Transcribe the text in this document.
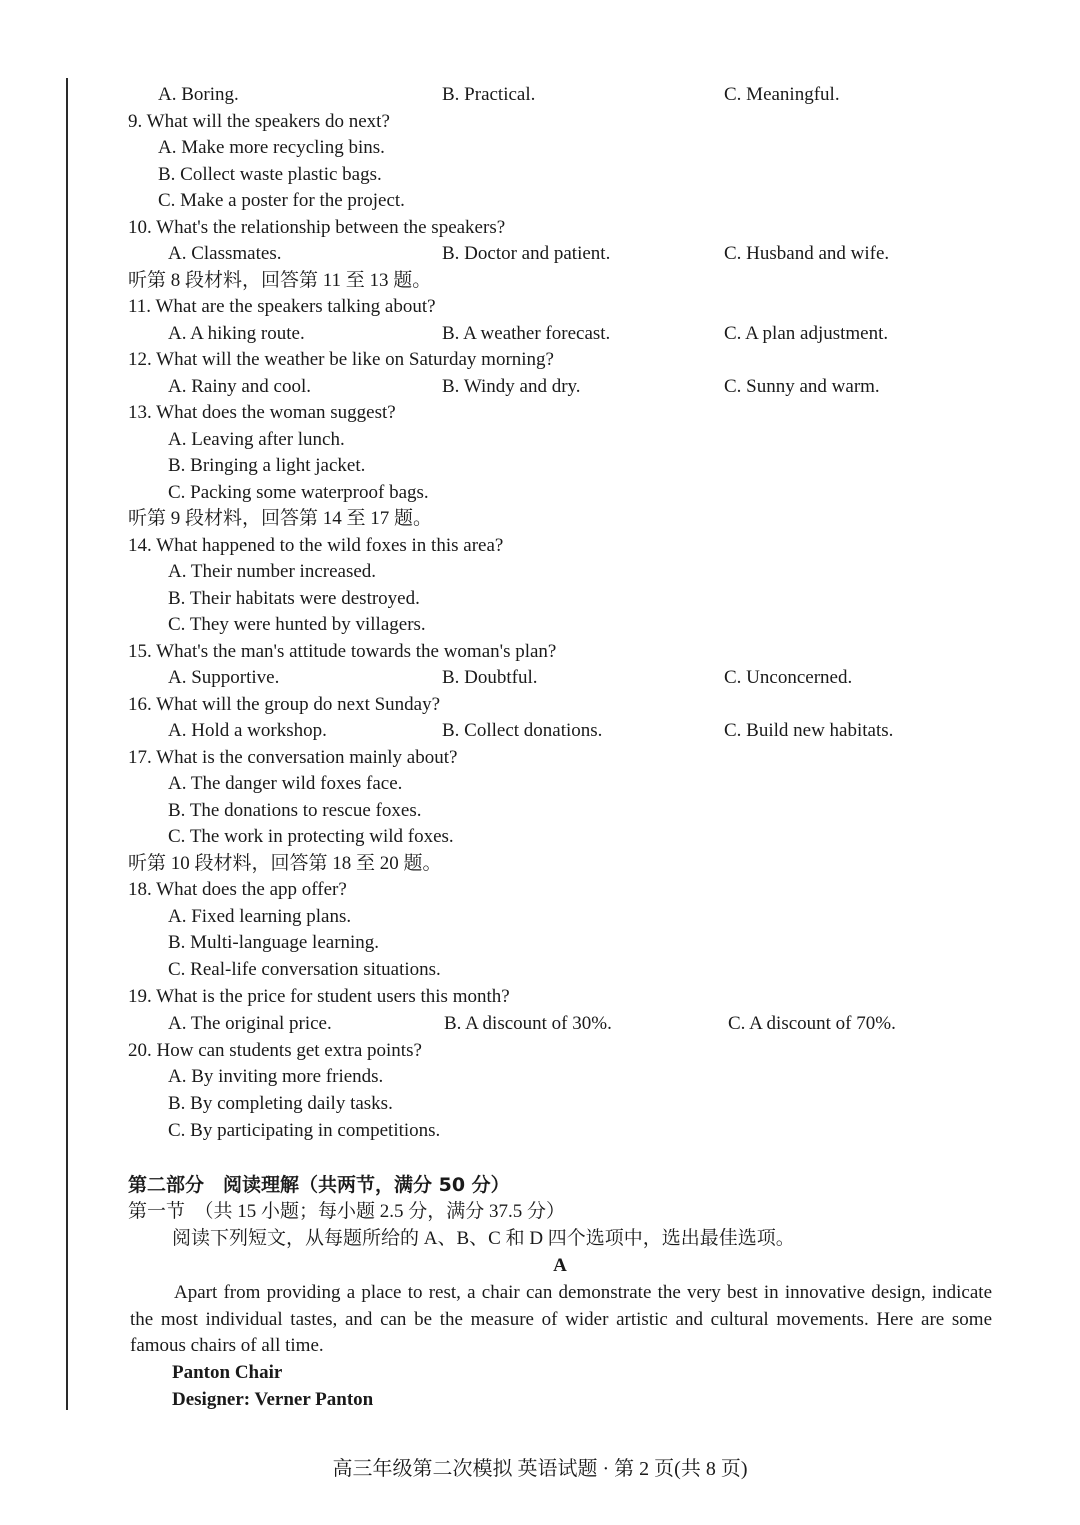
A. Boring.	B. Practical.	C. Meaningful.
9. What will the speakers do next?
A. Make more recycling bins.
B. Collect waste plastic bags.
C. Make a poster for the project.
10. What's the relationship between the speakers?
A. Classmates.	B. Doctor and patient.	C. Husband and wife.
听第 8 段材料，回答第 11 至 13 题。
11. What are the speakers talking about?
A. A hiking route.	B. A weather forecast.	C. A plan adjustment.
12. What will the weather be like on Saturday morning?
A. Rainy and cool.	B. Windy and dry.	C. Sunny and warm.
13. What does the woman suggest?
A. Leaving after lunch.
B. Bringing a light jacket.
C. Packing some waterproof bags.
听第 9 段材料，回答第 14 至 17 题。
14. What happened to the wild foxes in this area?
A. Their number increased.
B. Their habitats were destroyed.
C. They were hunted by villagers.
15. What's the man's attitude towards the woman's plan?
A. Supportive.	B. Doubtful.	C. Unconcerned.
16. What will the group do next Sunday?
A. Hold a workshop.	B. Collect donations.	C. Build new habitats.
17. What is the conversation mainly about?
A. The danger wild foxes face.
B. The donations to rescue foxes.
C. The work in protecting wild foxes.
听第 10 段材料，回答第 18 至 20 题。
18. What does the app offer?
A. Fixed learning plans.
B. Multi-language learning.
C. Real-life conversation situations.
19. What is the price for student users this month?
A. The original price.	B. A discount of 30%.	C. A discount of 70%.
20. How can students get extra points?
A. By inviting more friends.
B. By completing daily tasks.
C. By participating in competitions.
第二部分　阅读理解（共两节，满分 50 分）
第一节　（共 15 小题；每小题 2.5 分，满分 37.5 分）
阅读下列短文，从每题所给的 A、B、C 和 D 四个选项中，选出最佳选项。
A
Apart from providing a place to rest, a chair can demonstrate the very best in innovative design, indicate the most individual tastes, and can be the measure of wider artistic and cultural movements. Here are some famous chairs of all time.
Panton Chair
Designer: Verner Panton
高三年级第二次模拟 英语试题 · 第 2 页(共 8 页)
